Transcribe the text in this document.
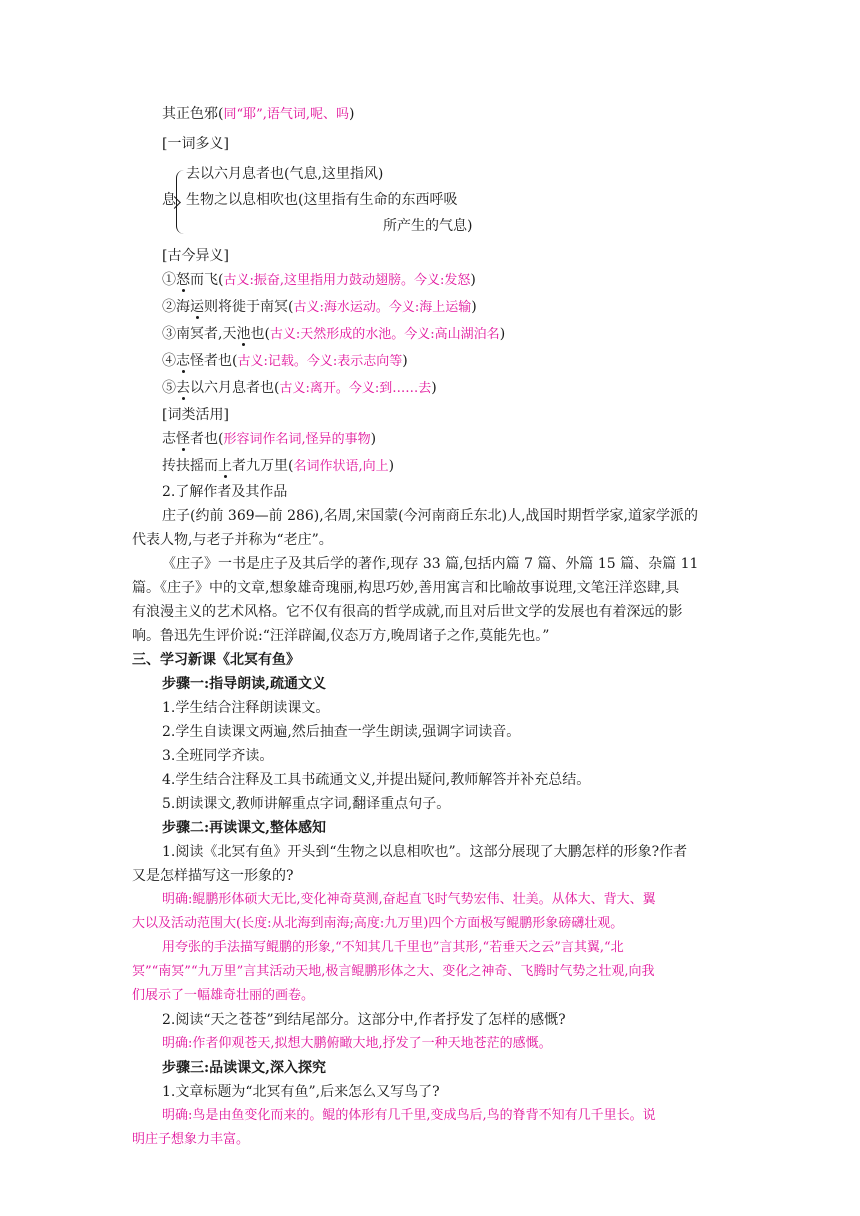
其正色邪(同“耶”,语气词,呢、吗)
[一词多义]
息
去以六月息者也(气息,这里指风)
生物之以息相吹也(这里指有生命的东西呼吸
所产生的气息)
[古今异义]
①怒而飞(古义:振奋,这里指用力鼓动翅膀。今义:发怒)
②海运则将徙于南冥(古义:海水运动。今义:海上运输)
③南冥者,天池也(古义:天然形成的水池。今义:高山湖泊名)
④志怪者也(古义:记载。今义:表示志向等)
⑤去以六月息者也(古义:离开。今义:到……去)
[词类活用]
志怪者也(形容词作名词,怪异的事物)
抟扶摇而上者九万里(名词作状语,向上)
2.了解作者及其作品
庄子(约前 369—前 286),名周,宋国蒙(今河南商丘东北)人,战国时期哲学家,道家学派的
代表人物,与老子并称为“老庄”。
《庄子》一书是庄子及其后学的著作,现存 33 篇,包括内篇 7 篇、外篇 15 篇、杂篇 11
篇。《庄子》中的文章,想象雄奇瑰丽,构思巧妙,善用寓言和比喻故事说理,文笔汪洋恣肆,具
有浪漫主义的艺术风格。它不仅有很高的哲学成就,而且对后世文学的发展也有着深远的影
响。鲁迅先生评价说:“汪洋辟阖,仪态万方,晚周诸子之作,莫能先也。”
三、学习新课《北冥有鱼》
步骤一:指导朗读,疏通文义
1.学生结合注释朗读课文。
2.学生自读课文两遍,然后抽查一学生朗读,强调字词读音。
3.全班同学齐读。
4.学生结合注释及工具书疏通文义,并提出疑问,教师解答并补充总结。
5.朗读课文,教师讲解重点字词,翻译重点句子。
步骤二:再读课文,整体感知
1.阅读《北冥有鱼》开头到“生物之以息相吹也”。这部分展现了大鹏怎样的形象?作者
又是怎样描写这一形象的?
明确:鲲鹏形体硕大无比,变化神奇莫测,奋起直飞时气势宏伟、壮美。从体大、背大、翼
大以及活动范围大(长度:从北海到南海;高度:九万里)四个方面极写鲲鹏形象磅礴壮观。
用夸张的手法描写鲲鹏的形象,“不知其几千里也”言其形,“若垂天之云”言其翼,“北
冥”“南冥”“九万里”言其活动天地,极言鲲鹏形体之大、变化之神奇、飞腾时气势之壮观,向我
们展示了一幅雄奇壮丽的画卷。
2.阅读“天之苍苍”到结尾部分。这部分中,作者抒发了怎样的感慨?
明确:作者仰观苍天,拟想大鹏俯瞰大地,抒发了一种天地苍茫的感慨。
步骤三:品读课文,深入探究
1.文章标题为“北冥有鱼”,后来怎么又写鸟了?
明确:鸟是由鱼变化而来的。鲲的体形有几千里,变成鸟后,鸟的脊背不知有几千里长。说
明庄子想象力丰富。
